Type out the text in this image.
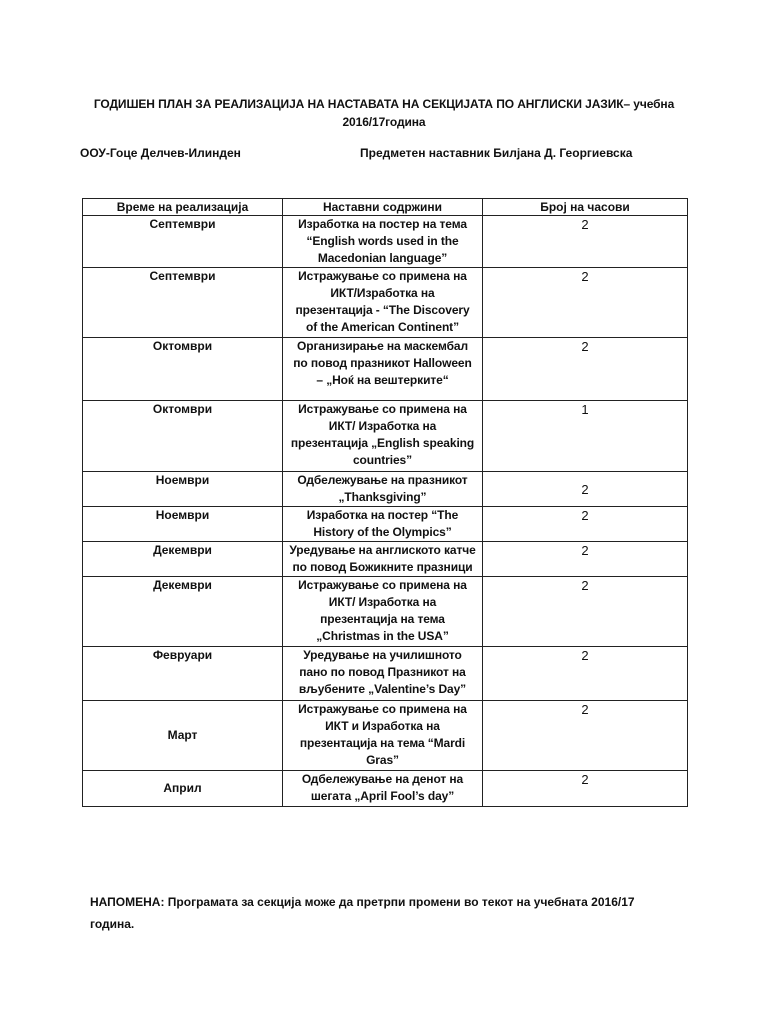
ГОДИШЕН ПЛАН ЗА РЕАЛИЗАЦИЈА НА НАСТАВАТА НА СЕКЦИЈАТА ПО АНГЛИСКИ ЈАЗИК– учебна
2016/17година
ООУ-Гоце Делчев-Илинден	Предметен наставник Билјана Д. Георгиевска
Време на реализација	Наставни содржини	Број на часови
Септември	Изработка на постер на тема
“English words used in the
Macedonian language”	2
Септември	Истражување со примена на
ИКТ/Изработка на
презентација - “The Discovery
of the American Continent”	2
Октомври	Организирање на маскембал
по повод празникот Halloween
– „Ноќ на вештерките“	2
Октомври	Истражување со примена на
ИКТ/ Изработка на
презентација „English speaking
countries”	1
Ноември	Одбележување на празникот
„Thanksgiving”	2
Ноември	Изработка на постер “The
History of the Olympics”	2
Декември	Уредување на англиското катче
по повод Божикните празници	2
Декември	Истражување со примена на
ИКТ/ Изработка на
презентација на тема
„Christmas in the USA”	2
Февруари	Уредување на училишното
пано по повод Празникот на
вљубените „Valentine’s Day”	2
Март	Истражување со примена на
ИКТ и Изработка на
презентација на тема “Mardi
Gras”	2
Април	Одбележување на денот на
шегата „April Fool’s day”	2
НАПОМЕНА: Програмата за секција може да претрпи промени во текот на учебната 2016/17
година.
